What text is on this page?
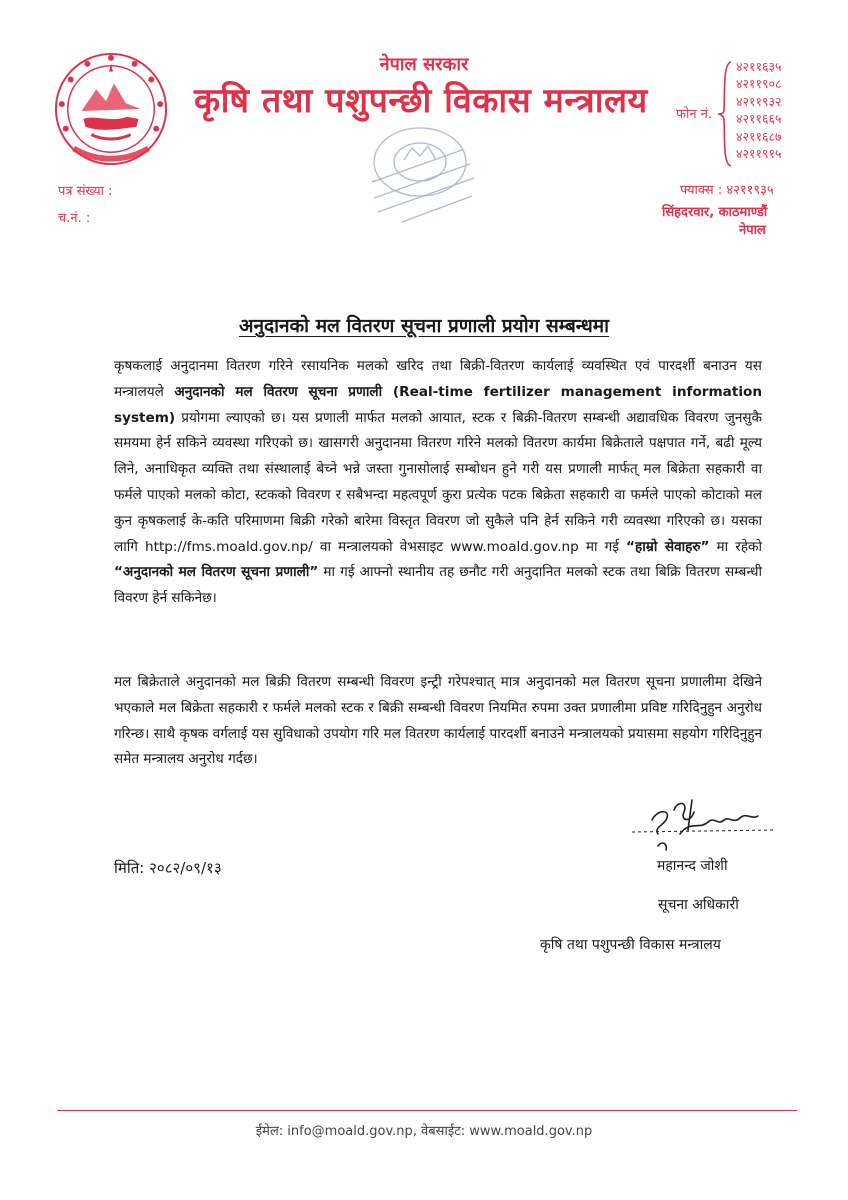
नेपाल सरकार
कृषि तथा पशुपन्छी विकास मन्त्रालय फोन नं.
४२११६३५
४२११९०८
४२११९३२
४२११६६५
४२११६८७
४२११९१५
फ्याक्स : ४२११९३५
सिंहदरवार, काठमाण्डौं
नेपाल
पत्र संख्या :
च.नं. :
अनुदानको मल वितरण सूचना प्रणाली प्रयोग सम्बन्धमा
कृषकलाई अनुदानमा वितरण गरिने रसायनिक मलको खरिद तथा बिक्री-वितरण कार्यलाई व्यवस्थित एवं पारदर्शी बनाउन यस मन्त्रालयले अनुदानको मल वितरण सूचना प्रणाली (Real-time fertilizer management information system) प्रयोगमा ल्याएको छ। यस प्रणाली मार्फत मलको आयात, स्टक र बिक्री-वितरण सम्बन्धी अद्यावधिक विवरण जुनसुकै समयमा हेर्न सकिने व्यवस्था गरिएको छ। खासगरी अनुदानमा वितरण गरिने मलको वितरण कार्यमा बिक्रेताले पक्षपात गर्ने, बढी मूल्य लिने, अनाधिकृत व्यक्ति तथा संस्थालाई बेच्ने भन्ने जस्ता गुनासोलाई सम्बोधन हुने गरी यस प्रणाली मार्फत् मल बिक्रेता सहकारी वा फर्मले पाएको मलको कोटा, स्टकको विवरण र सबैभन्दा महत्वपूर्ण कुरा प्रत्येक पटक बिक्रेता सहकारी वा फर्मले पाएको कोटाको मल कुन कृषकलाई के-कति परिमाणमा बिक्री गरेको बारेमा विस्तृत विवरण जो सुकैले पनि हेर्न सकिने गरी व्यवस्था गरिएको छ। यसका लागि http://fms.moald.gov.np/ वा मन्त्रालयको वेभसाइट www.moald.gov.np मा गई “हाम्रो सेवाहरु” मा रहेको “अनुदानको मल वितरण सूचना प्रणाली” मा गई आफ्नो स्थानीय तह छनौट गरी अनुदानित मलको स्टक तथा बिक्रि वितरण सम्बन्धी विवरण हेर्न सकिनेछ।
मल बिक्रेताले अनुदानको मल बिक्री वितरण सम्बन्धी विवरण इन्ट्री गरेपश्चात् मात्र अनुदानको मल वितरण सूचना प्रणालीमा देखिने भएकाले मल बिक्रेता सहकारी र फर्मले मलको स्टक र बिक्री सम्बन्धी विवरण नियमित रुपमा उक्त प्रणालीमा प्रविष्ट गरिदिनुहुन अनुरोध गरिन्छ। साथै कृषक वर्गलाई यस सुविधाको उपयोग गरि मल वितरण कार्यलाई पारदर्शी बनाउने मन्त्रालयको प्रयासमा सहयोग गरिदिनुहुन समेत मन्त्रालय अनुरोध गर्दछ।
मिति: २०८२/०९/१३	महानन्द जोशी
सूचना अधिकारी
कृषि तथा पशुपन्छी विकास मन्त्रालय
ईमेल: info@moald.gov.np, वेबसाईट: www.moald.gov.np
